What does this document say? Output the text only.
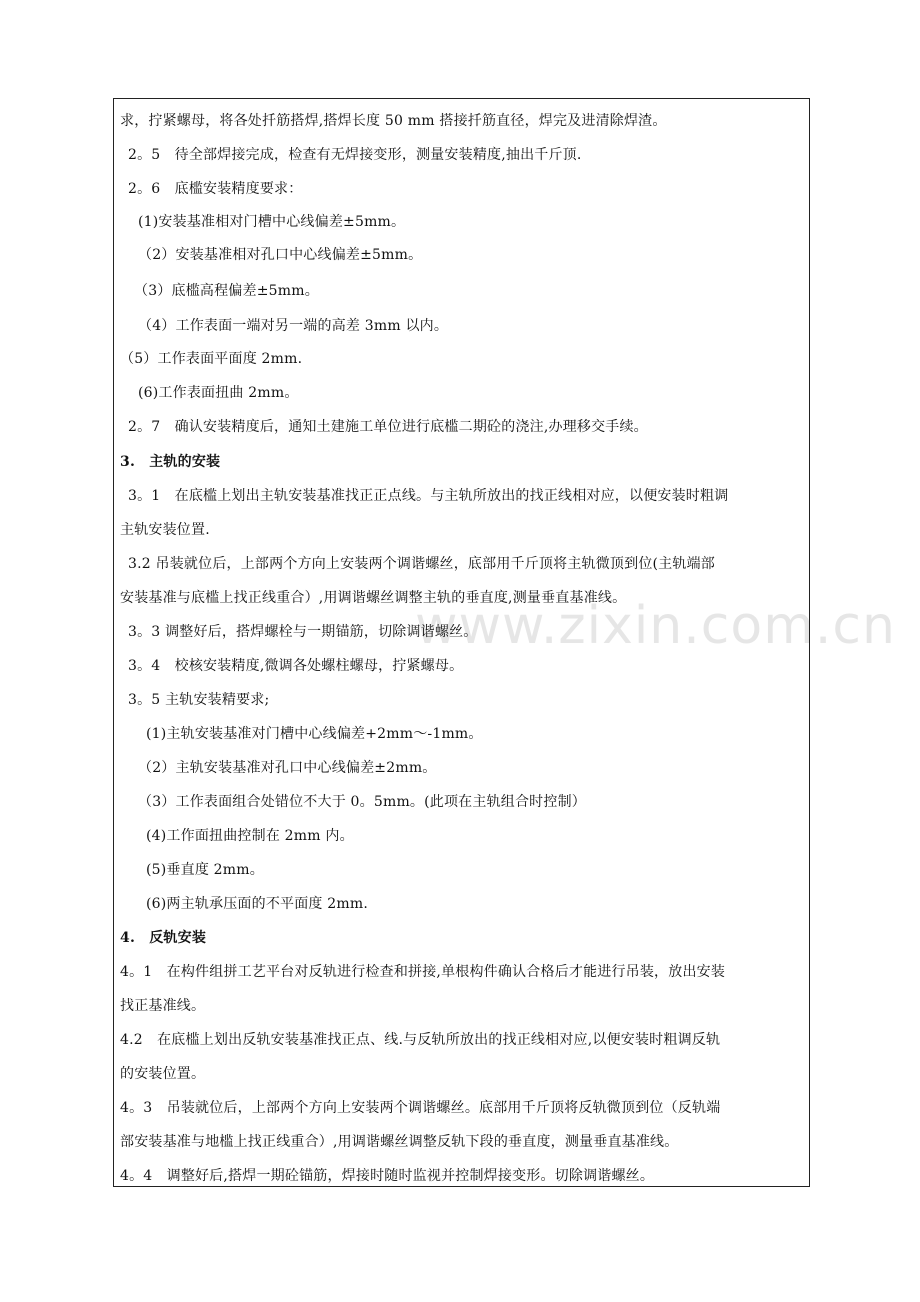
www.zixin.com.cn
求，拧紧螺母，将各处扦筋搭焊,搭焊长度 50 mm 搭接扦筋直径，焊完及进清除焊渣。
2。5　待全部焊接完成，检查有无焊接变形，测量安装精度,抽出千斤顶.
2。6　底槛安装精度要求：
(1)安装基准相对门槽中心线偏差±5mm。
（2）安装基准相对孔口中心线偏差±5mm。
（3）底槛高程偏差±5mm。
（4）工作表面一端对另一端的高差 3mm 以内。
（5）工作表面平面度 2mm.
(6)工作表面扭曲 2mm。
2。7　确认安装精度后，通知土建施工单位进行底槛二期砼的浇注,办理移交手续。
3.　主轨的安装
3。1　在底槛上划出主轨安装基准找正正点线。与主轨所放出的找正线相对应，以便安装时粗调
主轨安装位置.
3.2 吊装就位后，上部两个方向上安装两个调谐螺丝，底部用千斤顶将主轨微顶到位(主轨端部
安装基准与底槛上找正线重合）,用调谐螺丝调整主轨的垂直度,测量垂直基准线。
3。3 调整好后，搭焊螺栓与一期锚筋，切除调谐螺丝。
3。4　校核安装精度,微调各处螺柱螺母，拧紧螺母。
3。5 主轨安装精要求;
(1)主轨安装基准对门槽中心线偏差+2mm～-1mm。
（2）主轨安装基准对孔口中心线偏差±2mm。
（3）工作表面组合处错位不大于 0。5mm。(此项在主轨组合时控制）
(4)工作面扭曲控制在 2mm 内。
(5)垂直度 2mm。
(6)两主轨承压面的不平面度 2mm.
4.　反轨安装
4。1　在构件组拼工艺平台对反轨进行检查和拼接,单根构件确认合格后才能进行吊装，放出安装
找正基准线。
4.2　在底槛上划出反轨安装基准找正点、线.与反轨所放出的找正线相对应,以便安装时粗调反轨
的安装位置。
4。3　吊装就位后，上部两个方向上安装两个调谐螺丝。底部用千斤顶将反轨微顶到位（反轨端
部安装基准与地槛上找正线重合）,用调谐螺丝调整反轨下段的垂直度，测量垂直基准线。
4。4　调整好后,搭焊一期砼锚筋，焊接时随时监视并控制焊接变形。切除调谐螺丝。
